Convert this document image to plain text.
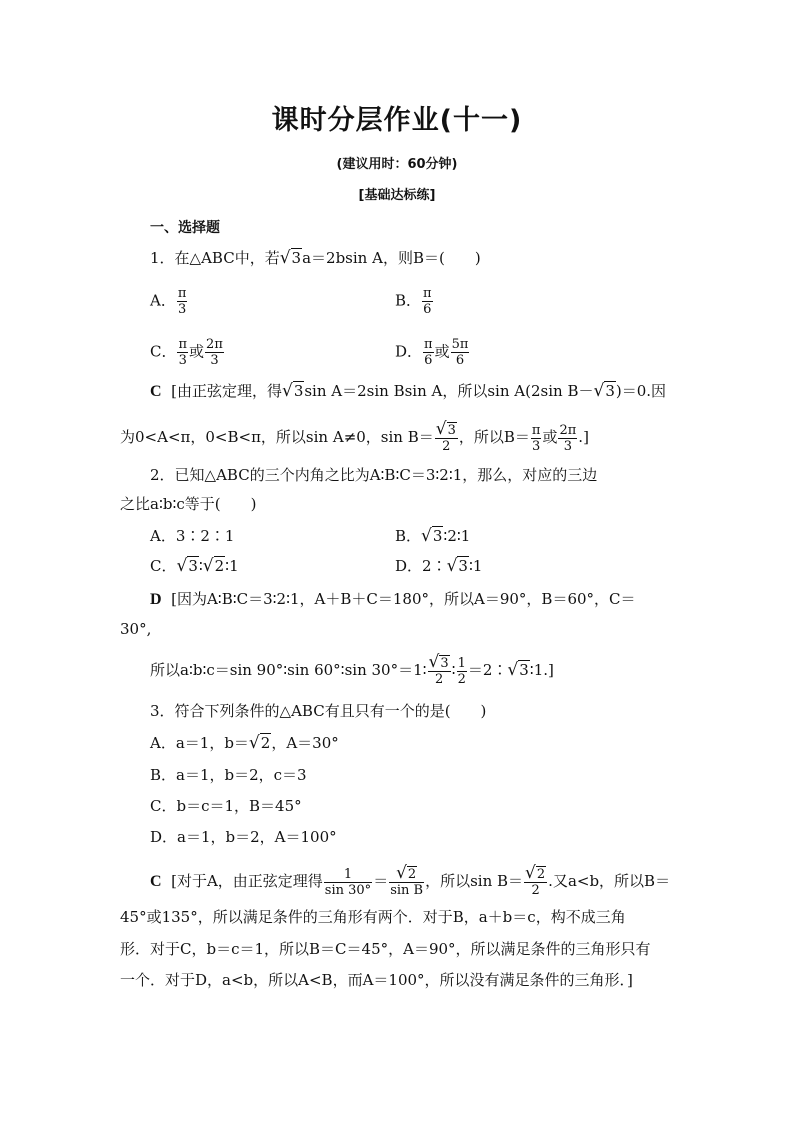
课时分层作业(十一)
(建议用时：60分钟)
[基础达标练]
一、选择题
1．在△ABC中，若√3a＝2bsin A，则B＝(　　)
A． $\frac{\pi}{3}$	B． $\frac{\pi}{6}$
C． $\frac{\pi}{3}$ 或 $\frac{2\pi}{3}$	D． $\frac{\pi}{6}$ 或 $\frac{5\pi}{6}$
C [由正弦定理，得√3sin A＝2sin Bsin A，所以sin A(2sin B－√3)＝0.因
为0<A<π，0<B<π，所以sin A≠0，$\sin B= \frac{√3}{2}$ ，所以$B= \frac{\pi}{3}$ 或 $\frac{2\pi}{3}$ .]
2．已知△ABC的三个内角之比为A∶B∶C＝3∶2∶1，那么，对应的三边
之比a∶b∶c等于(　　)
A．3∶2∶1	B．√3∶2∶1
C．√3∶√2∶1	D．2∶√3∶1
D [因为A∶B∶C＝3∶2∶1，A＋B＋C＝180°，所以A＝90°，B＝60°，C＝
30°,
所以a∶b∶c＝sin 90°∶sin 60°∶sin 30°＝1∶ $\frac{√3}{2}$ ∶ $\frac{1}{2}$ ＝2∶√3∶1.]
3．符合下列条件的△ABC有且只有一个的是(　　)
A．a＝1，b＝√2，A＝30°
B．a＝1，b＝2，c＝3
C．b＝c＝1，B＝45°
D．a＝1，b＝2，A＝100°
C [对于A，由正弦定理得 $\frac{1}{\sin 30^\circ} = \frac{√2}{\text{sin B}}$ ，所以$\sin B= \frac{√2}{2}$ .又a<b，所以B＝
45°或135°，所以满足条件的三角形有两个．对于B，a＋b＝c，构不成三角
形．对于C，b＝c＝1，所以B＝C＝45°，A＝90°，所以满足条件的三角形只有
一个．对于D，a<b，所以A<B，而A＝100°，所以没有满足条件的三角形．]
